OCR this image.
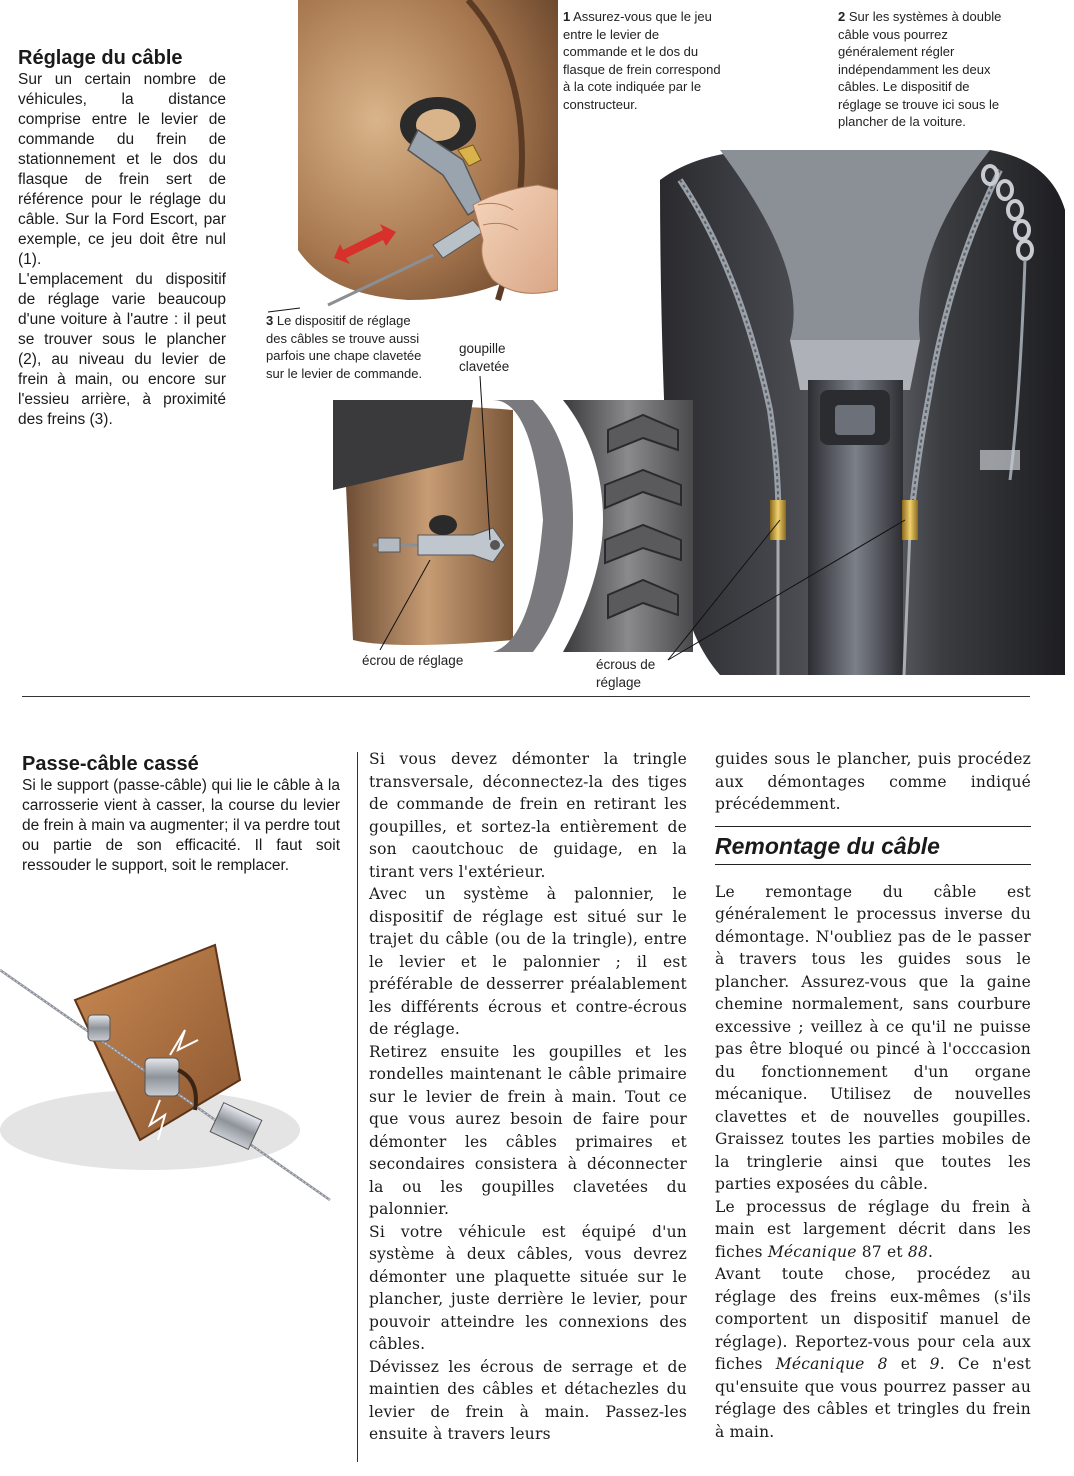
Réglage du câble

Sur un certain nombre de véhicules, la distance comprise entre le levier de commande du frein de stationnement et le dos du flasque de frein sert de référence pour le réglage du câble. Sur la Ford Escort, par exemple, ce jeu doit être nul (1).

L'emplacement du dispositif de réglage varie beaucoup d'une voiture à l'autre : il peut se trouver sous le plancher (2), au niveau du levier de frein à main, ou encore sur l'essieu arrière, à proximité des freins (3).

1 Assurez-vous que le jeu entre le levier de commande et le dos du flasque de frein correspond à la cote indiquée par le constructeur.
2 Sur les systèmes à double câble vous pourrez généralement régler indépendamment les deux câbles. Le dispositif de réglage se trouve ici sous le plancher de la voiture.
3 Le dispositif de réglage des câbles se trouve aussi parfois une chape clavetée sur le levier de commande.
goupille clavetée
écrou de réglage	écrous de réglage
Passe-câble cassé

Si le support (passe-câble) qui lie le câble à la carrosserie vient à casser, la course du levier de frein à main va augmenter; il va perdre tout ou partie de son efficacité. Il faut soit ressouder le support, soit le remplacer.

Si vous devez démonter la tringle transversale, déconnectez-la des tiges de commande de frein en retirant les goupilles, et sortez-la entièrement de son caoutchouc de guidage, en la tirant vers l'extérieur.

Avec un système à palonnier, le dispositif de réglage est situé sur le trajet du câble (ou de la tringle), entre le levier et le palonnier ; il est préférable de desserrer préalablement les différents écrous et contre-écrous de réglage.

Retirez ensuite les goupilles et les rondelles maintenant le câble primaire sur le levier de frein à main. Tout ce que vous aurez besoin de faire pour démonter les câbles primaires et secondaires consistera à déconnecter la ou les goupilles clavetées du palonnier.

Si votre véhicule est équipé d'un système à deux câbles, vous devrez démonter une plaquette située sur le plancher, juste derrière le levier, pour pouvoir atteindre les connexions des câbles.

Dévissez les écrous de serrage et de maintien des câbles et détachezles du levier de frein à main. Passez-les ensuite à travers leurs

guides sous le plancher, puis procédez aux démontages comme indiqué précédemment.

Remontage du câble

Le remontage du câble est généralement le processus inverse du démontage. N'oubliez pas de le passer à travers tous les guides sous le plancher. Assurez-vous que la gaine chemine normalement, sans courbure excessive ; veillez à ce qu'il ne puisse pas être bloqué ou pincé à l'occcasion du fonctionnement d'un organe mécanique. Utilisez de nouvelles clavettes et de nouvelles goupilles. Graissez toutes les parties mobiles de la tringlerie ainsi que toutes les parties exposées du câble.

Le processus de réglage du frein à main est largement décrit dans les fiches Mécanique 87 et 88.

Avant toute chose, procédez au réglage des freins eux-mêmes (s'ils comportent un dispositif manuel de réglage). Reportez-vous pour cela aux fiches Mécanique 8 et 9. Ce n'est qu'ensuite que vous pourrez passer au réglage des câbles et tringles du frein à main.
